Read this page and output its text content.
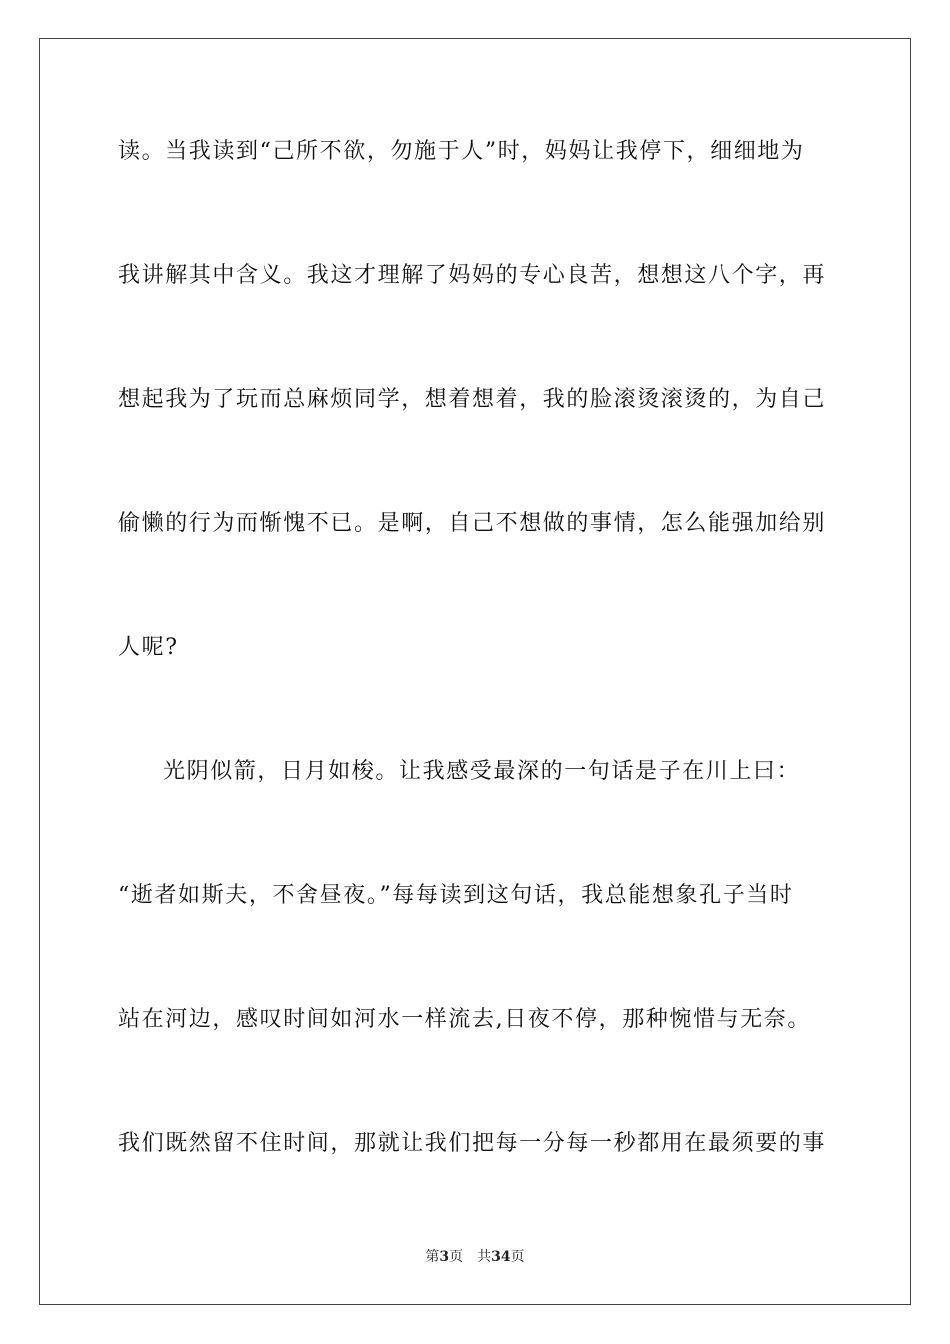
读。当我读到“己所不欲，勿施于人”时，妈妈让我停下，细细地为
我讲解其中含义。我这才理解了妈妈的专心良苦，想想这八个字，再
想起我为了玩而总麻烦同学，想着想着，我的脸滚烫滚烫的，为自己
偷懒的行为而惭愧不已。是啊，自己不想做的事情，怎么能强加给别
人呢?
光阴似箭，日月如梭。让我感受最深的一句话是子在川上曰：
“逝者如斯夫，不舍昼夜。”每每读到这句话，我总能想象孔子当时
站在河边，感叹时间如河水一样流去,日夜不停，那种惋惜与无奈。
我们既然留不住时间，那就让我们把每一分每一秒都用在最须要的事
第3页 共34页
